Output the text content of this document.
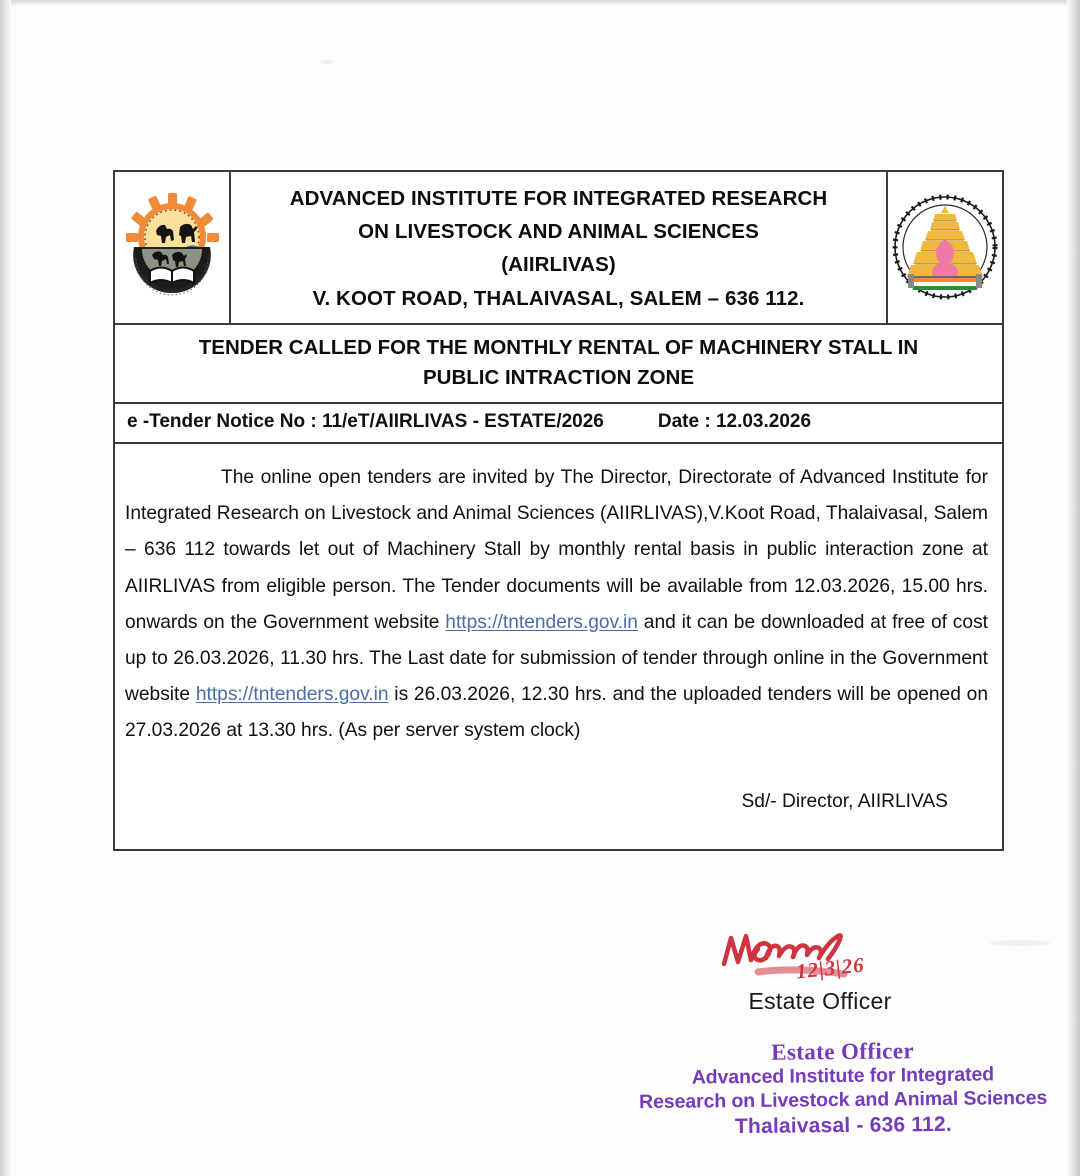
ADVANCED INSTITUTE FOR INTEGRATED RESEARCH
ON LIVESTOCK AND ANIMAL SCIENCES
(AIIRLIVAS)
V. KOOT ROAD, THALAIVASAL, SALEM – 636 112.
TENDER CALLED FOR THE MONTHLY RENTAL OF MACHINERY STALL IN
PUBLIC INTRACTION ZONE
e -Tender Notice No : 11/eT/AIIRLIVAS - ESTATE/2026	Date : 12.03.2026

The online open tenders are invited by The Director, Directorate of Advanced Institute for Integrated Research on Livestock and Animal Sciences (AIIRLIVAS),V.Koot Road, Thalaivasal, Salem – 636 112 towards let out of Machinery Stall by monthly rental basis in public interaction zone at AIIRLIVAS from eligible person. The Tender documents will be available from 12.03.2026, 15.00 hrs. onwards on the Government website https://tntenders.gov.in and it can be downloaded at free of cost up to 26.03.2026, 11.30 hrs. The Last date for submission of tender through online in the Government website https://tntenders.gov.in is 26.03.2026, 12.30 hrs. and the uploaded tenders will be opened on 27.03.2026 at 13.30 hrs. (As per server system clock)

Sd/- Director, AIIRLIVAS
12|3|26
Estate Officer
Estate Officer
Advanced Institute for Integrated
Research on Livestock and Animal Sciences
Thalaivasal - 636 112.
